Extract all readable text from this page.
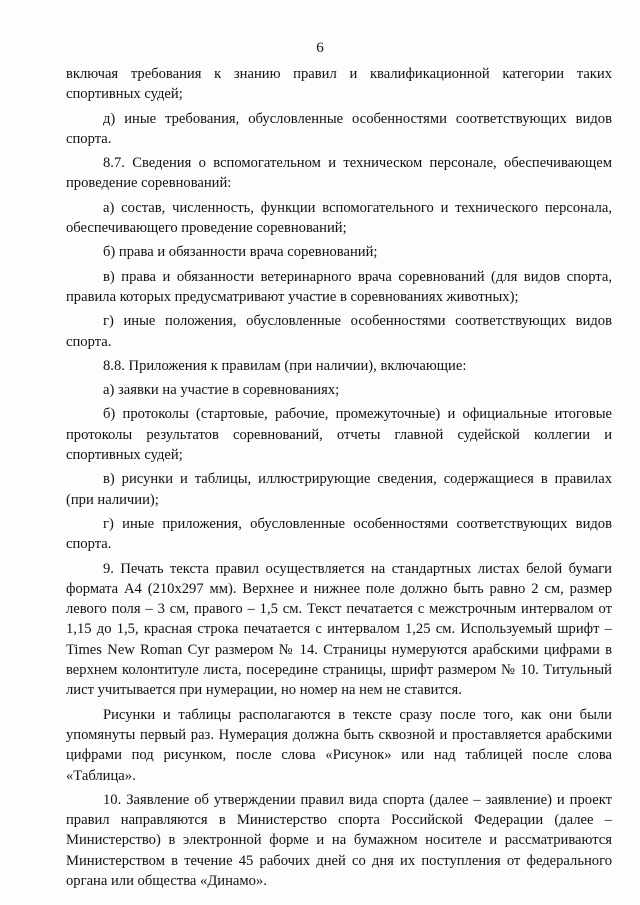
6

включая требования к знанию правил и квалификационной категории таких спортивных судей;

д) иные требования, обусловленные особенностями соответствующих видов спорта.

8.7. Сведения о вспомогательном и техническом персонале, обеспечивающем проведение соревнований:

а) состав, численность, функции вспомогательного и технического персонала, обеспечивающего проведение соревнований;

б) права и обязанности врача соревнований;

в) права и обязанности ветеринарного врача соревнований (для видов спорта, правила которых предусматривают участие в соревнованиях животных);

г) иные положения, обусловленные особенностями соответствующих видов спорта.

8.8. Приложения к правилам (при наличии), включающие:

а) заявки на участие в соревнованиях;

б) протоколы (стартовые, рабочие, промежуточные) и официальные итоговые протоколы результатов соревнований, отчеты главной судейской коллегии и спортивных судей;

в) рисунки и таблицы, иллюстрирующие сведения, содержащиеся в правилах (при наличии);

г) иные приложения, обусловленные особенностями соответствующих видов спорта.

9. Печать текста правил осуществляется на стандартных листах белой бумаги формата А4 (210х297 мм). Верхнее и нижнее поле должно быть равно 2 см, размер левого поля – 3 см, правого – 1,5 см. Текст печатается с межстрочным интервалом от 1,15 до 1,5, красная строка печатается с интервалом 1,25 см. Используемый шрифт – Times New Roman Cyr размером № 14. Страницы нумеруются арабскими цифрами в верхнем колонтитуле листа, посередине страницы, шрифт размером № 10. Титульный лист учитывается при нумерации, но номер на нем не ставится.

Рисунки и таблицы располагаются в тексте сразу после того, как они были упомянуты первый раз. Нумерация должна быть сквозной и проставляется арабскими цифрами под рисунком, после слова «Рисунок» или над таблицей после слова «Таблица».

10. Заявление об утверждении правил вида спорта (далее – заявление) и проект правил направляются в Министерство спорта Российской Федерации (далее – Министерство) в электронной форме и на бумажном носителе и рассматриваются Министерством в течение 45 рабочих дней со дня их поступления от федерального органа или общества «Динамо».
